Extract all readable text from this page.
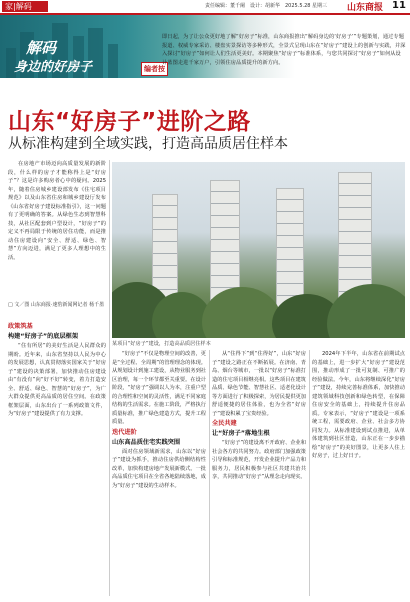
家|解码	责任编辑：董千阑　设计：胡新华　2025.5.28 星期三 山东商报 11
解码
身边的好房子	编者按
即日起，为了让公众更好地了解“好房子”标准，山东商报推出“解码身边的‘好房子’”专题策划，通过专题报道、权威专家采访、楼盘实景探访等多种形式，全景式呈现山东在“好房子”建设上的创新与实践，并深入探讨“好房子”如何让人们生活更美好。本期聚焦“好房子”标准体系，与您共同探讨“好房子”如何从设计蓝图走进千家万户，引领住房品质提升的新方向。
山东“好房子”进阶之路
从标准构建到全域实践，打造高品质居住样本

在房地产市场迈向高质量发展的新阶段，什么样的房子才能称得上是“好房子”？这是许多购房者心中的疑问。2025年，随着住房城乡建设部发布《住宅项目规范》以及山东省住房和城乡建设厅发布《山东省好房子建设标准指引》，这一问题有了更明确的答案。从绿色生态到智慧科技，从社区配套到户型设计，“好房子”的定义不再局限于传统的居住功能，而是推动住房建设向“安全、舒适、绿色、智慧”方向迈进，满足了更多人理想中的生活。

□ 文／图 山东商报·速豹新闻网记者 杨千墨

政策筑基

构建“好房子”的底层框架

“住有所居”的美好生活是人民群众的期盼。近年来，山东省坚持以人民为中心的发展思想，认真贯彻落实国家关于“好房子”建设的决策部署，加快推动住房建设由“有没有”向“好不好”转变，着力打造安全、舒适、绿色、智慧的“好房子”，为广大群众提供更高品质的居住空间。在政策框架层面，山东出台了一系列政策文件，为“好房子”建设提供了有力支撑。

某项目“好房子”建设，打造高品质居住样本

“好房子”不仅是物理空间的改善，更是“全过程、全周期”的管理理念的体现。从规划设计到施工建设，从物业服务到社区治理，每一个环节都至关重要。在设计阶段，“好房子”强调以人为本，注重户型的合理性和空间的灵活性，满足不同家庭结构的生活需求。在施工阶段，严格执行质量标准，推广绿色建造方式，提升工程质量。

迭代进阶

山东高品质住宅实践突围

面对住房领域新需求，山东以“好房子”建设为抓手，推动住房供给侧结构性改革，加快构建房地产发展新模式。一批高品质住宅项目在全省各地陆续落地，成为“好房子”建设的生动样本。

从“住得下”到“住得好”，山东“好房子”建设之路正在不断拓展。在济南、青岛、烟台等城市，一批以“好房子”标准打造的住宅项目相继亮相。这些项目在建筑品质、绿色节能、智慧社区、适老化设计等方面进行了积极探索，为居民提供更加舒适便捷的居住体验，也为全省“好房子”建设积累了宝贵经验。

全民共建

让“好房子”落地生根

“好房子”的建设离不开政府、企业和社会各方的共同努力。政府部门加强政策引导和标准规范，开发企业提升产品力和服务力，居民积极参与社区共建共治共享，共同推动“好房子”从理念走向现实。

2024年下半年，山东省在前期试点的基础上，进一步扩大“好房子”建设范围，推动形成了一批可复制、可推广的经验做法。今年，山东将继续深化“好房子”建设，持续完善标准体系，加快推动建筑领域科技创新和绿色转型，在保障住房安全的基础上，持续提升住房品质。专家表示，“好房子”建设是一项系统工程，需要政府、企业、社会多方协同发力。从标准建设到试点推进，从单体建筑到社区营造，山东正在一步步描绘“好房子”的美好图景，让更多人住上好房子，过上好日子。
